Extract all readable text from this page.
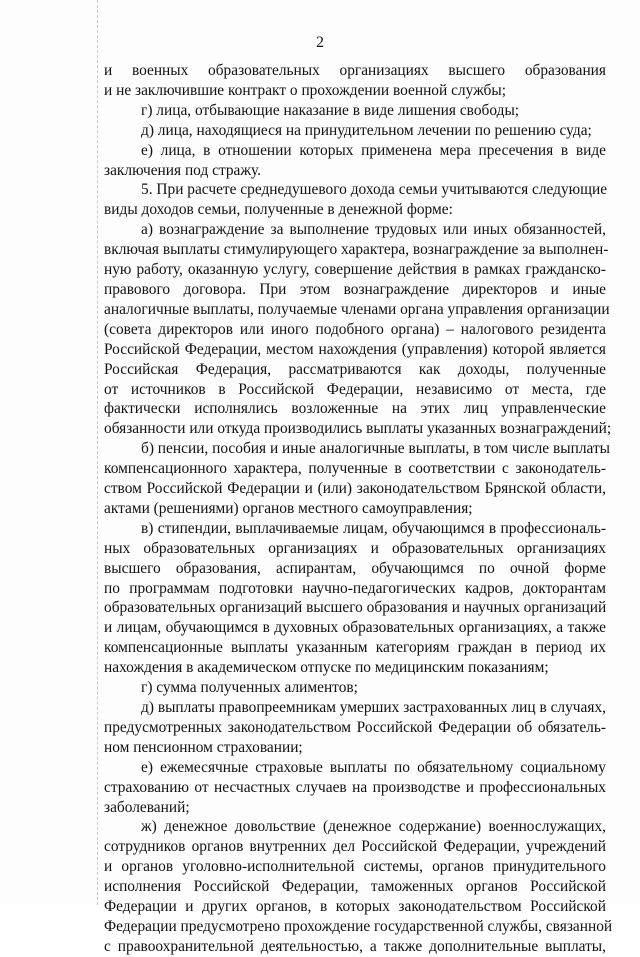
2
и военных образовательных организациях высшего образования
и не заключившие контракт о прохождении военной службы;
г) лица, отбывающие наказание в виде лишения свободы;
д) лица, находящиеся на принудительном лечении по решению суда;
е) лица, в отношении которых применена мера пресечения в виде
заключения под стражу.
5. При расчете среднедушевого дохода семьи учитываются следующие
виды доходов семьи, полученные в денежной форме:
а) вознаграждение за выполнение трудовых или иных обязанностей,
включая выплаты стимулирующего характера, вознаграждение за выполнен-
ную работу, оказанную услугу, совершение действия в рамках гражданско-
правового договора. При этом вознаграждение директоров и иные
аналогичные выплаты, получаемые членами органа управления организации
(совета директоров или иного подобного органа) – налогового резидента
Российской Федерации, местом нахождения (управления) которой является
Российская Федерация, рассматриваются как доходы, полученные
от источников в Российской Федерации, независимо от места, где
фактически исполнялись возложенные на этих лиц управленческие
обязанности или откуда производились выплаты указанных вознаграждений;
б) пенсии, пособия и иные аналогичные выплаты, в том числе выплаты
компенсационного характера, полученные в соответствии с законодатель-
ством Российской Федерации и (или) законодательством Брянской области,
актами (решениями) органов местного самоуправления;
в) стипендии, выплачиваемые лицам, обучающимся в профессиональ-
ных образовательных организациях и образовательных организациях
высшего образования, аспирантам, обучающимся по очной форме
по программам подготовки научно-педагогических кадров, докторантам
образовательных организаций высшего образования и научных организаций
и лицам, обучающимся в духовных образовательных организациях, а также
компенсационные выплаты указанным категориям граждан в период их
нахождения в академическом отпуске по медицинским показаниям;
г) сумма полученных алиментов;
д) выплаты правопреемникам умерших застрахованных лиц в случаях,
предусмотренных законодательством Российской Федерации об обязатель-
ном пенсионном страховании;
е) ежемесячные страховые выплаты по обязательному социальному
страхованию от несчастных случаев на производстве и профессиональных
заболеваний;
ж) денежное довольствие (денежное содержание) военнослужащих,
сотрудников органов внутренних дел Российской Федерации, учреждений
и органов уголовно-исполнительной системы, органов принудительного
исполнения Российской Федерации, таможенных органов Российской
Федерации и других органов, в которых законодательством Российской
Федерации предусмотрено прохождение государственной службы, связанной
с правоохранительной деятельностью, а также дополнительные выплаты,
